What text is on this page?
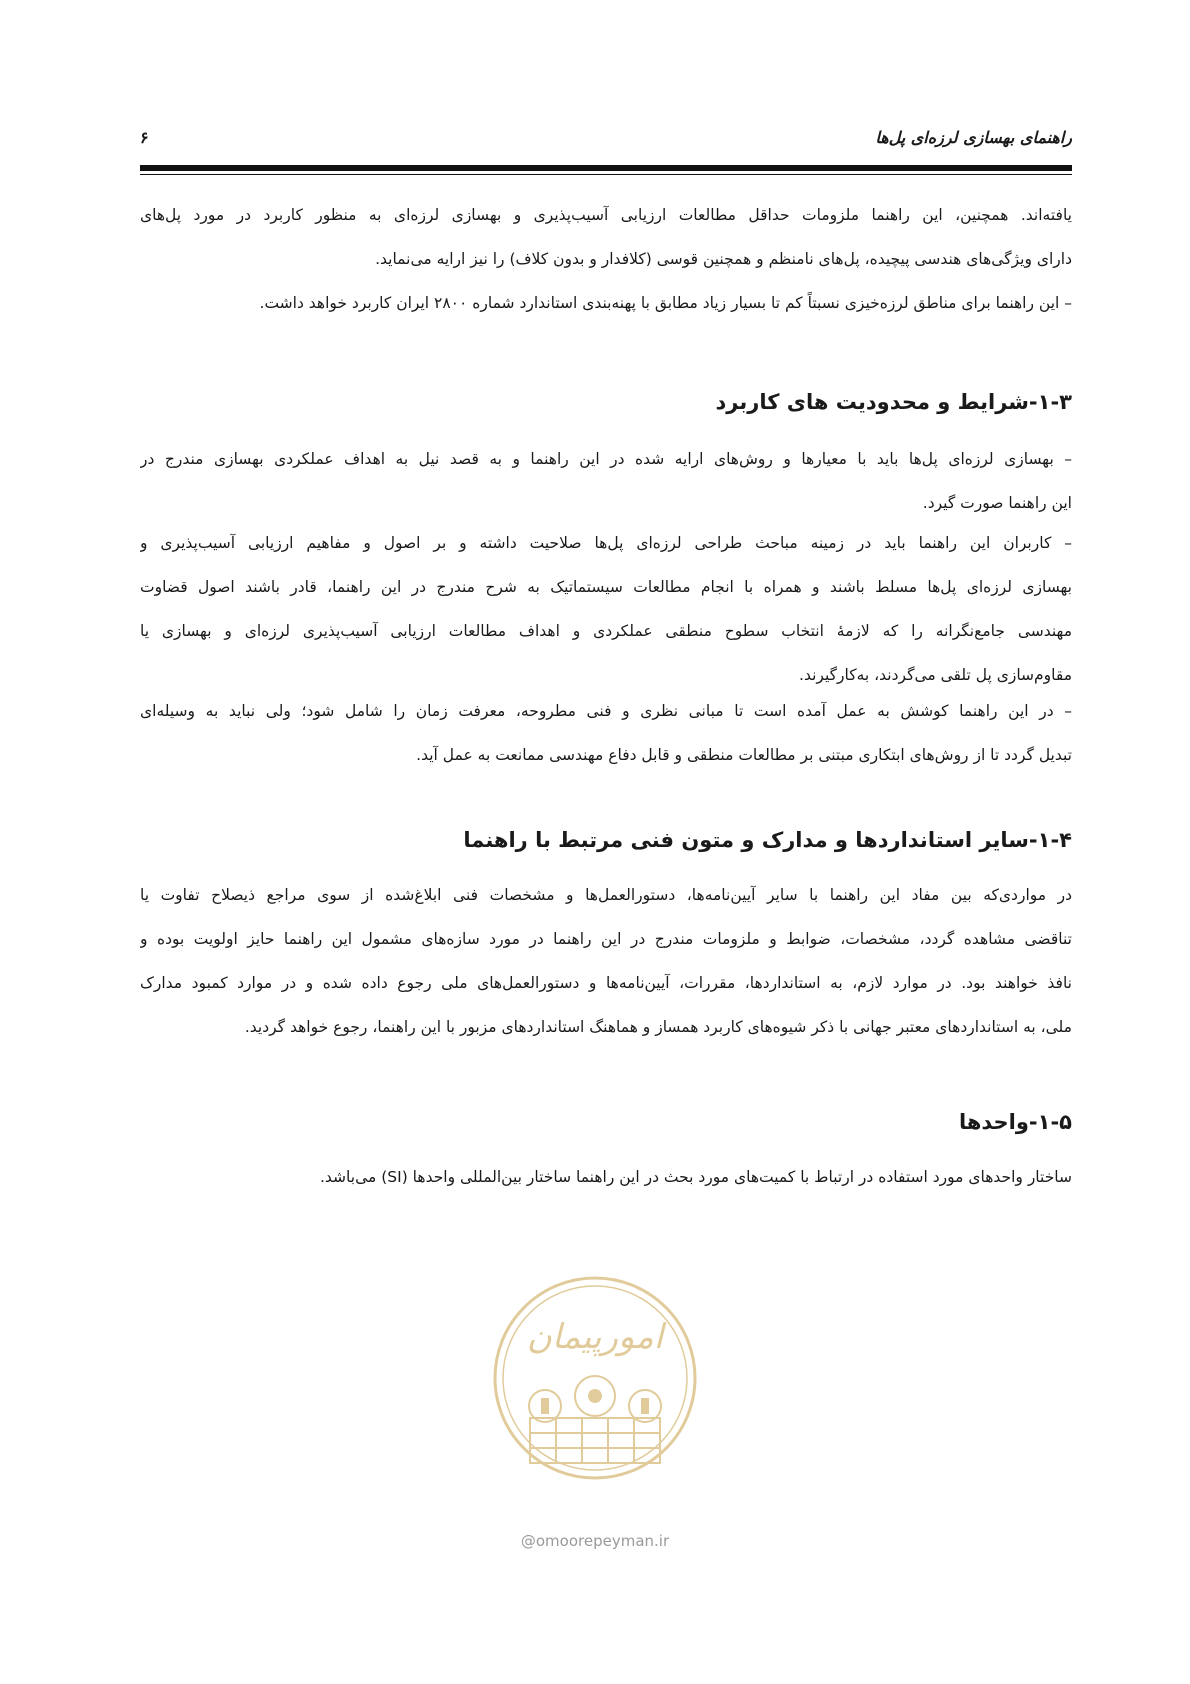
راهنمای بهسازی لرزه‌ای پل‌ها
۶
یافته‌اند. همچنین، این راهنما ملزومات حداقل مطالعات ارزیابی آسیب‌پذیری و بهسازی لرزه‌ای به منظور کاربرد در مورد پل‌های
دارای ویژگی‌های هندسی پیچیده، پل‌های نامنظم و همچنین قوسی (کلافدار و بدون کلاف) را نیز ارایه می‌نماید.
– این راهنما برای مناطق لرزه‌خیزی نسبتاً کم تا بسیار زیاد مطابق با پهنه‌بندی استاندارد شماره ۲۸۰۰ ایران کاربرد خواهد داشت.
۱-۳-شرایط و محدودیت های کاربرد
– بهسازی لرزه‌ای پل‌ها باید با معیارها و روش‌های ارایه شده در این راهنما و به قصد نیل به اهداف عملکردی بهسازی مندرج در
این راهنما صورت گیرد.
– کاربران این راهنما باید در زمینه مباحث طراحی لرزه‌ای پل‌ها صلاحیت داشته و بر اصول و مفاهیم ارزیابی آسیب‌پذیری و
بهسازی لرزه‌ای پل‌ها مسلط باشند و همراه با انجام مطالعات سیستماتیک به شرح مندرج در این راهنما، قادر باشند اصول قضاوت
مهندسی جامع‌نگرانه را که لازمهٔ انتخاب سطوح منطقی عملکردی و اهداف مطالعات ارزیابی آسیب‌پذیری لرزه‌ای و بهسازی یا
مقاوم‌سازی پل تلقی می‌گردند، به‌کارگیرند.
– در این راهنما کوشش به عمل آمده است تا مبانی نظری و فنی مطروحه، معرفت زمان را شامل شود؛ ولی نباید به وسیله‌ای
تبدیل گردد تا از روش‌های ابتکاری مبتنی بر مطالعات منطقی و قابل دفاع مهندسی ممانعت به عمل آید.
۱-۴-سایر استانداردها و مدارک و متون فنی مرتبط با راهنما
در مواردی‌که بین مفاد این راهنما با سایر آیین‌نامه‌ها، دستورالعمل‌ها و مشخصات فنی ابلاغ‌شده از سوی مراجع ذیصلاح تفاوت یا
تناقضی مشاهده گردد، مشخصات، ضوابط و ملزومات مندرج در این راهنما در مورد سازه‌های مشمول این راهنما حایز اولویت بوده و
نافذ خواهند بود. در موارد لازم، به استانداردها، مقررات، آیین‌نامه‌ها و دستورالعمل‌های ملی رجوع داده شده و در موارد کمبود مدارک
ملی، به استانداردهای معتبر جهانی با ذکر شیوه‌های کاربرد همساز و هماهنگ استانداردهای مزبور با این راهنما، رجوع خواهد گردید.
۱-۵-واحدها
ساختار واحدهای مورد استفاده در ارتباط با کمیت‌های مورد بحث در این راهنما ساختار بین‌المللی واحدها (SI) می‌باشد.
امورپیمان
@omoorepeyman.ir
